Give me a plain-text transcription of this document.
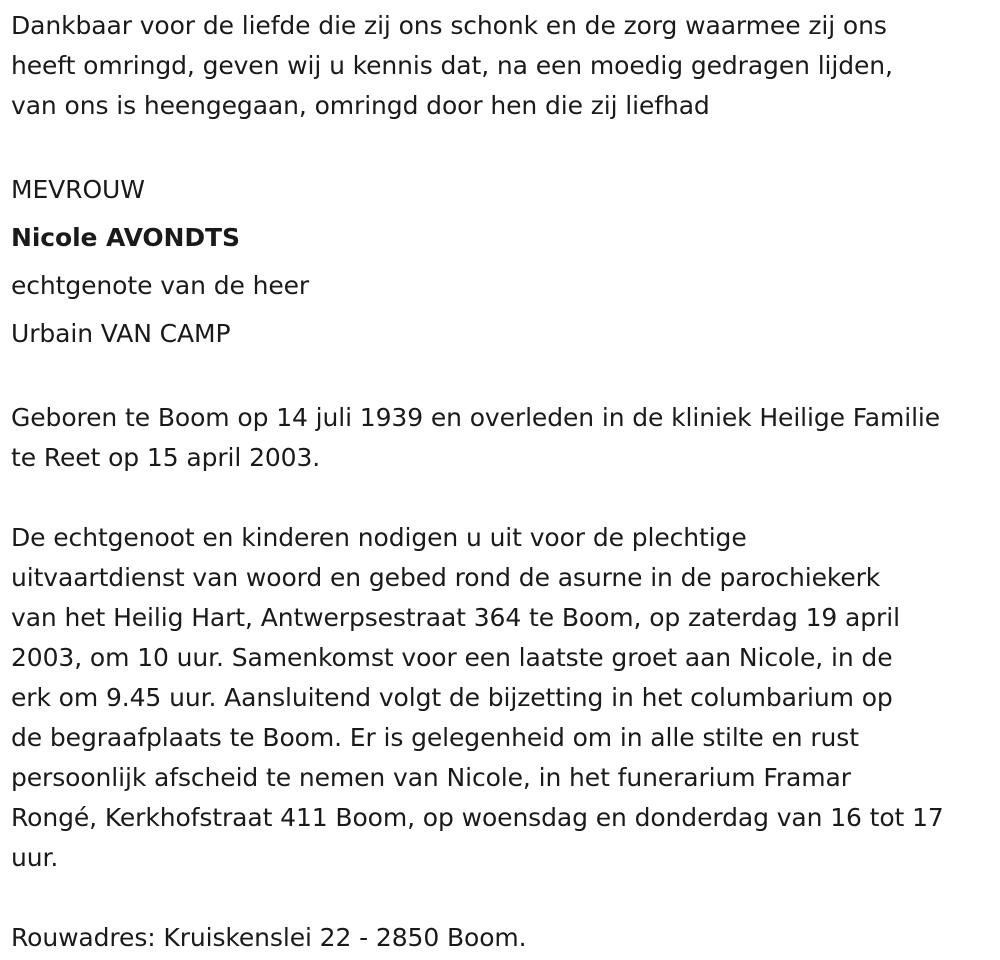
Dankbaar voor de liefde die zij ons schonk en de zorg waarmee zij ons
heeft omringd, geven wij u kennis dat, na een moedig gedragen lijden,
van ons is heengegaan, omringd door hen die zij liefhad

MEVROUW

Nicole AVONDTS

echtgenote van de heer

Urbain VAN CAMP

Geboren te Boom op 14 juli 1939 en overleden in de kliniek Heilige Familie
te Reet op 15 april 2003.

De echtgenoot en kinderen nodigen u uit voor de plechtige
uitvaartdienst van woord en gebed rond de asurne in de parochiekerk
van het Heilig Hart, Antwerpsestraat 364 te Boom, op zaterdag 19 april
2003, om 10 uur. Samenkomst voor een laatste groet aan Nicole, in de
erk om 9.45 uur. Aansluitend volgt de bijzetting in het columbarium op
de begraafplaats te Boom. Er is gelegenheid om in alle stilte en rust
persoonlijk afscheid te nemen van Nicole, in het funerarium Framar
Rongé, Kerkhofstraat 411 Boom, op woensdag en donderdag van 16 tot 17
uur.

Rouwadres: Kruiskenslei 22 - 2850 Boom.
